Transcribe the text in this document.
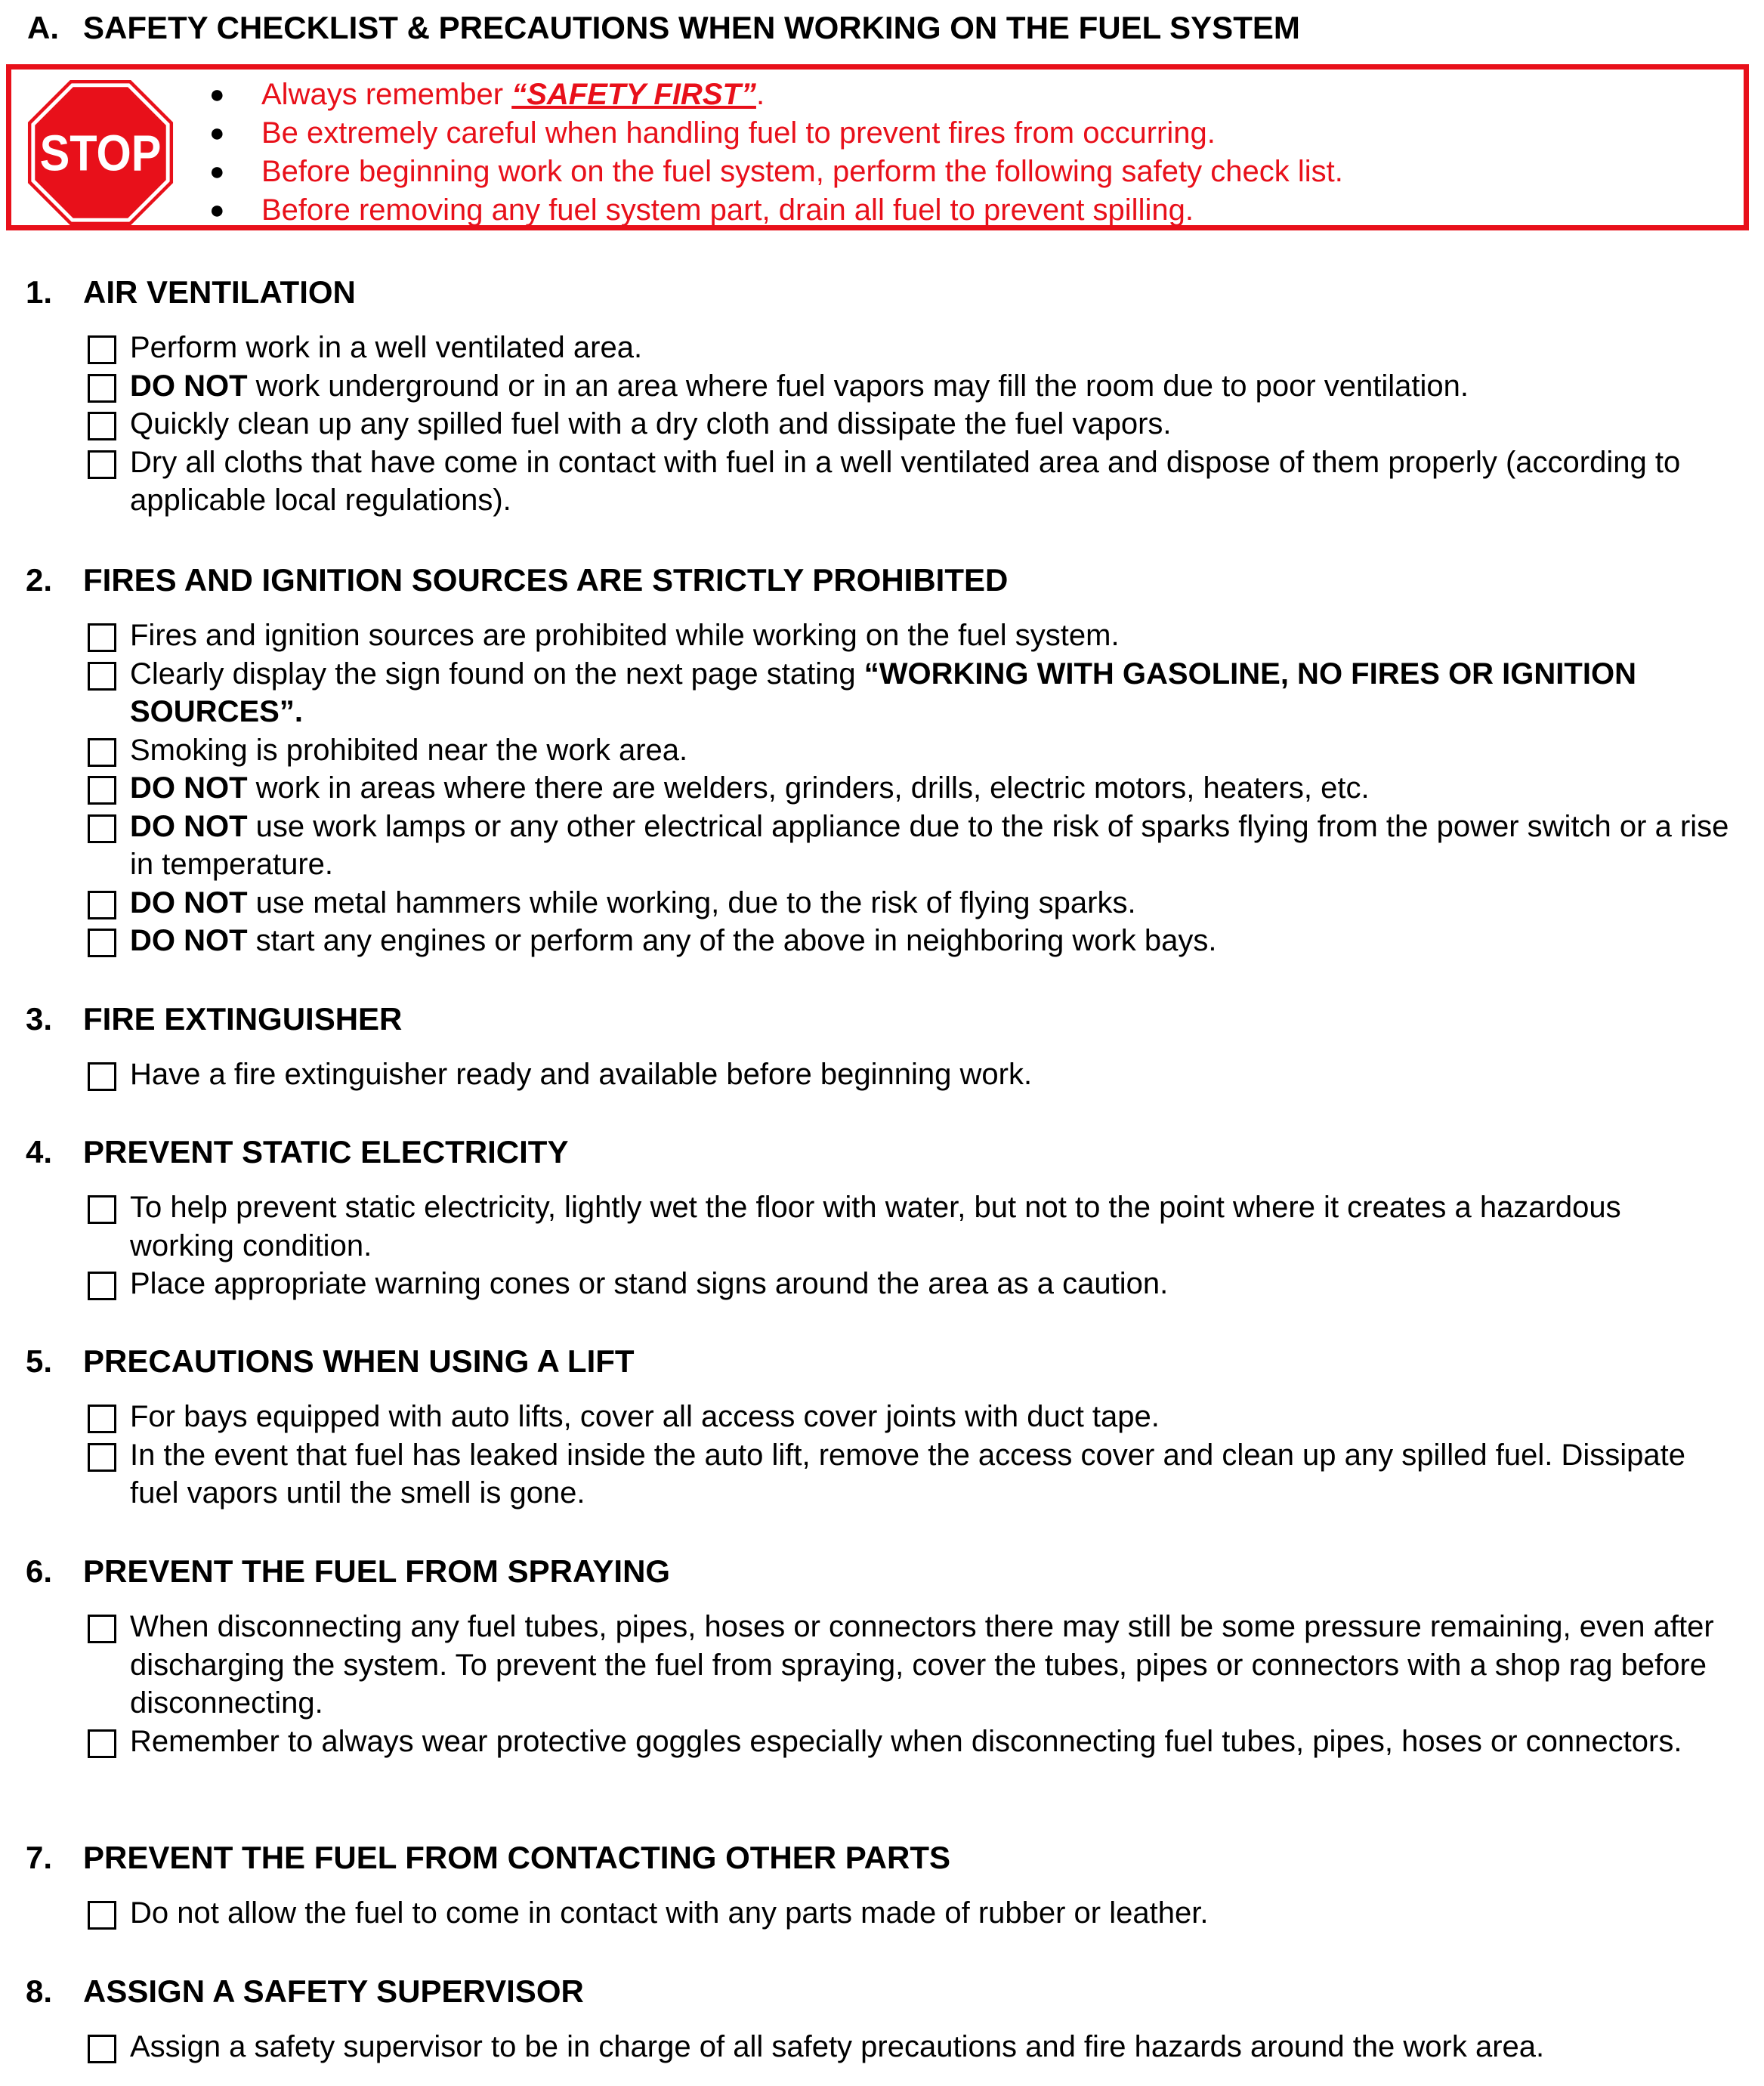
A. SAFETY CHECKLIST & PRECAUTIONS WHEN WORKING ON THE FUEL SYSTEM
STOP
● Always remember “SAFETY FIRST”.
● Be extremely careful when handling fuel to prevent fires from occurring.
● Before beginning work on the fuel system, perform the following safety check list.
● Before removing any fuel system part, drain all fuel to prevent spilling.
1. AIR VENTILATION
Perform work in a well ventilated area.
DO NOT work underground or in an area where fuel vapors may fill the room due to poor ventilation.
Quickly clean up any spilled fuel with a dry cloth and dissipate the fuel vapors.
Dry all cloths that have come in contact with fuel in a well ventilated area and dispose of them properly (according to applicable local regulations).
2. FIRES AND IGNITION SOURCES ARE STRICTLY PROHIBITED
Fires and ignition sources are prohibited while working on the fuel system.
Clearly display the sign found on the next page stating “WORKING WITH GASOLINE, NO FIRES OR IGNITION SOURCES”.
Smoking is prohibited near the work area.
DO NOT work in areas where there are welders, grinders, drills, electric motors, heaters, etc.
DO NOT use work lamps or any other electrical appliance due to the risk of sparks flying from the power switch or a rise in temperature.
DO NOT use metal hammers while working, due to the risk of flying sparks.
DO NOT start any engines or perform any of the above in neighboring work bays.
3. FIRE EXTINGUISHER
Have a fire extinguisher ready and available before beginning work.
4. PREVENT STATIC ELECTRICITY
To help prevent static electricity, lightly wet the floor with water, but not to the point where it creates a hazardous working condition.
Place appropriate warning cones or stand signs around the area as a caution.
5. PRECAUTIONS WHEN USING A LIFT
For bays equipped with auto lifts, cover all access cover joints with duct tape.
In the event that fuel has leaked inside the auto lift, remove the access cover and clean up any spilled fuel. Dissipate fuel vapors until the smell is gone.
6. PREVENT THE FUEL FROM SPRAYING
When disconnecting any fuel tubes, pipes, hoses or connectors there may still be some pressure remaining, even after discharging the system. To prevent the fuel from spraying, cover the tubes, pipes or connectors with a shop rag before disconnecting.
Remember to always wear protective goggles especially when disconnecting fuel tubes, pipes, hoses or connectors.
7. PREVENT THE FUEL FROM CONTACTING OTHER PARTS
Do not allow the fuel to come in contact with any parts made of rubber or leather.
8. ASSIGN A SAFETY SUPERVISOR
Assign a safety supervisor to be in charge of all safety precautions and fire hazards around the work area.
